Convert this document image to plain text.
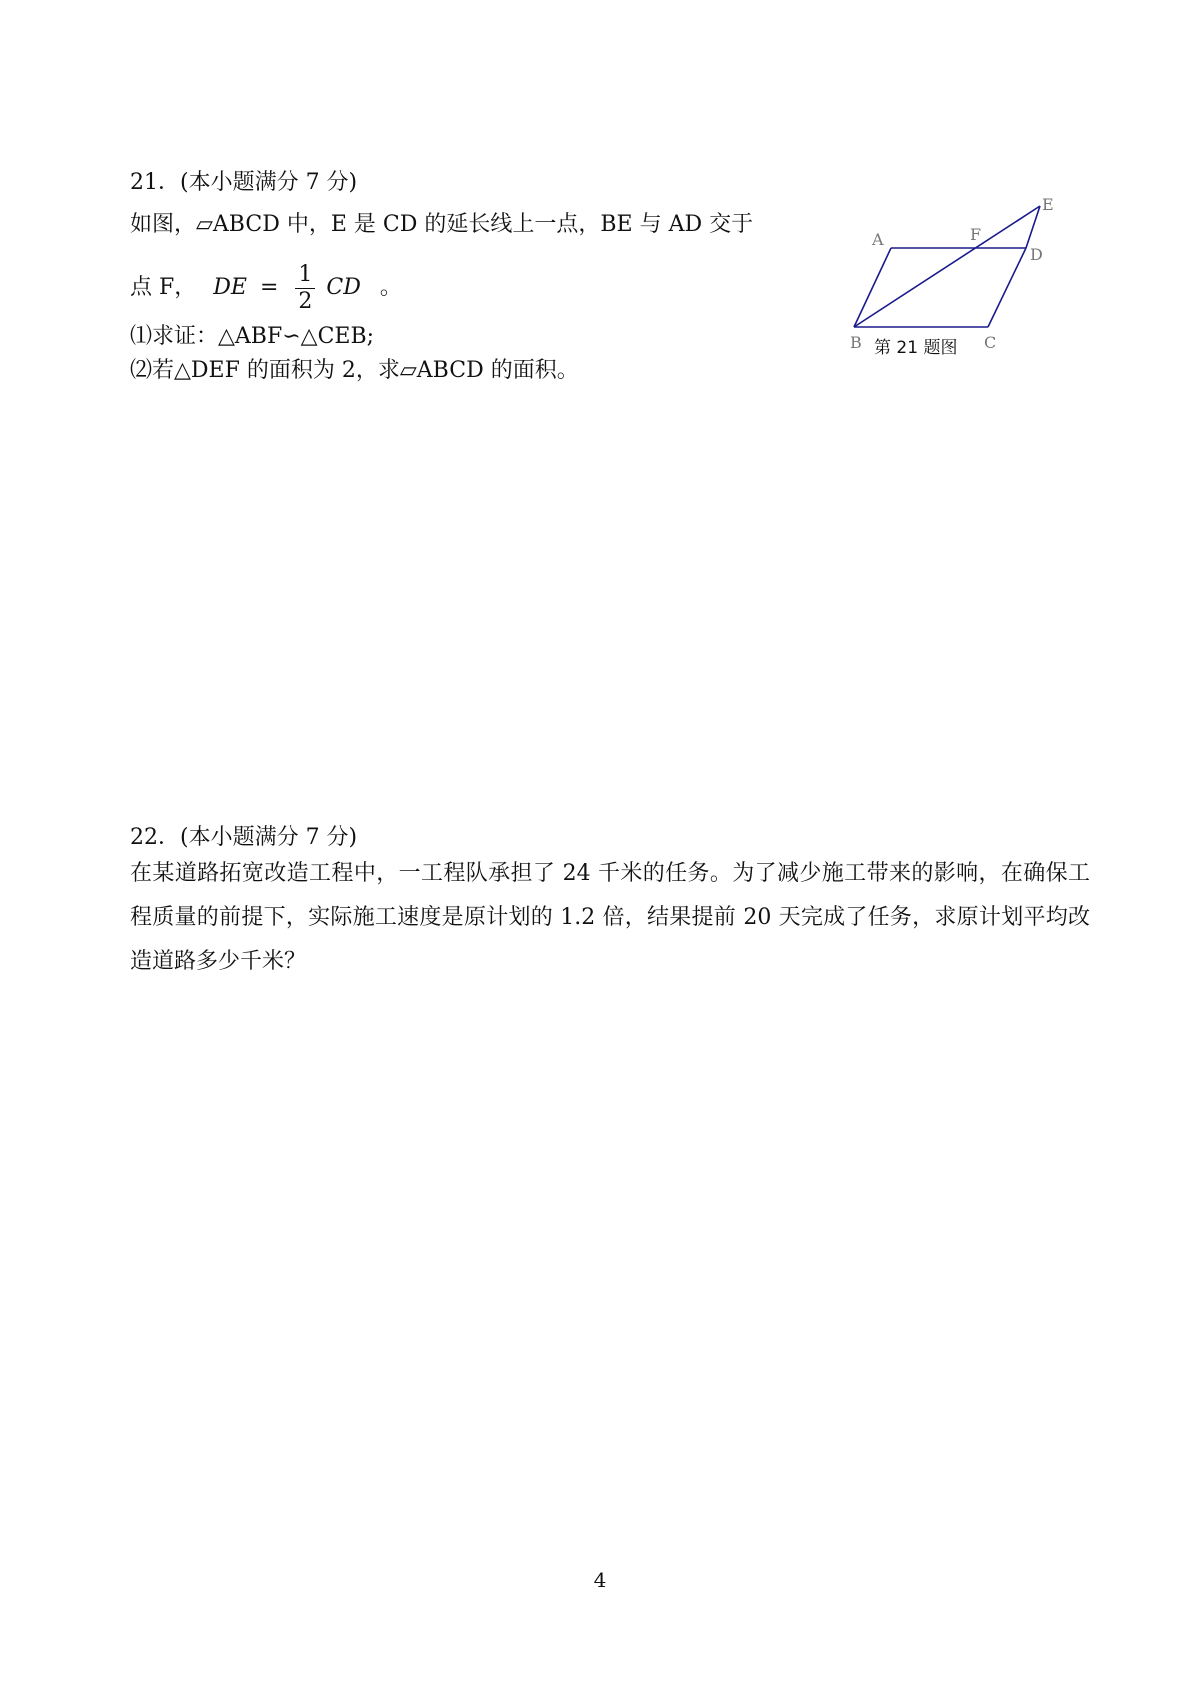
21．(本小题满分 7 分)
如图，▱ABCD 中，E 是 CD 的延长线上一点，BE 与 AD 交于
点 F， DE = $\frac{1}{2}$ CD 。
⑴求证：△ABF∽△CEB;
⑵若△DEF 的面积为 2，求▱ABCD 的面积。
A
B	C
D
E
F
第 21 题图
22．(本小题满分 7 分)
在某道路拓宽改造工程中，一工程队承担了 24 千米的任务。为了减少施工带来的影响，在确保工程质量的前提下，实际施工速度是原计划的 1.2 倍，结果提前 20 天完成了任务，求原计划平均改造道路多少千米？
4
